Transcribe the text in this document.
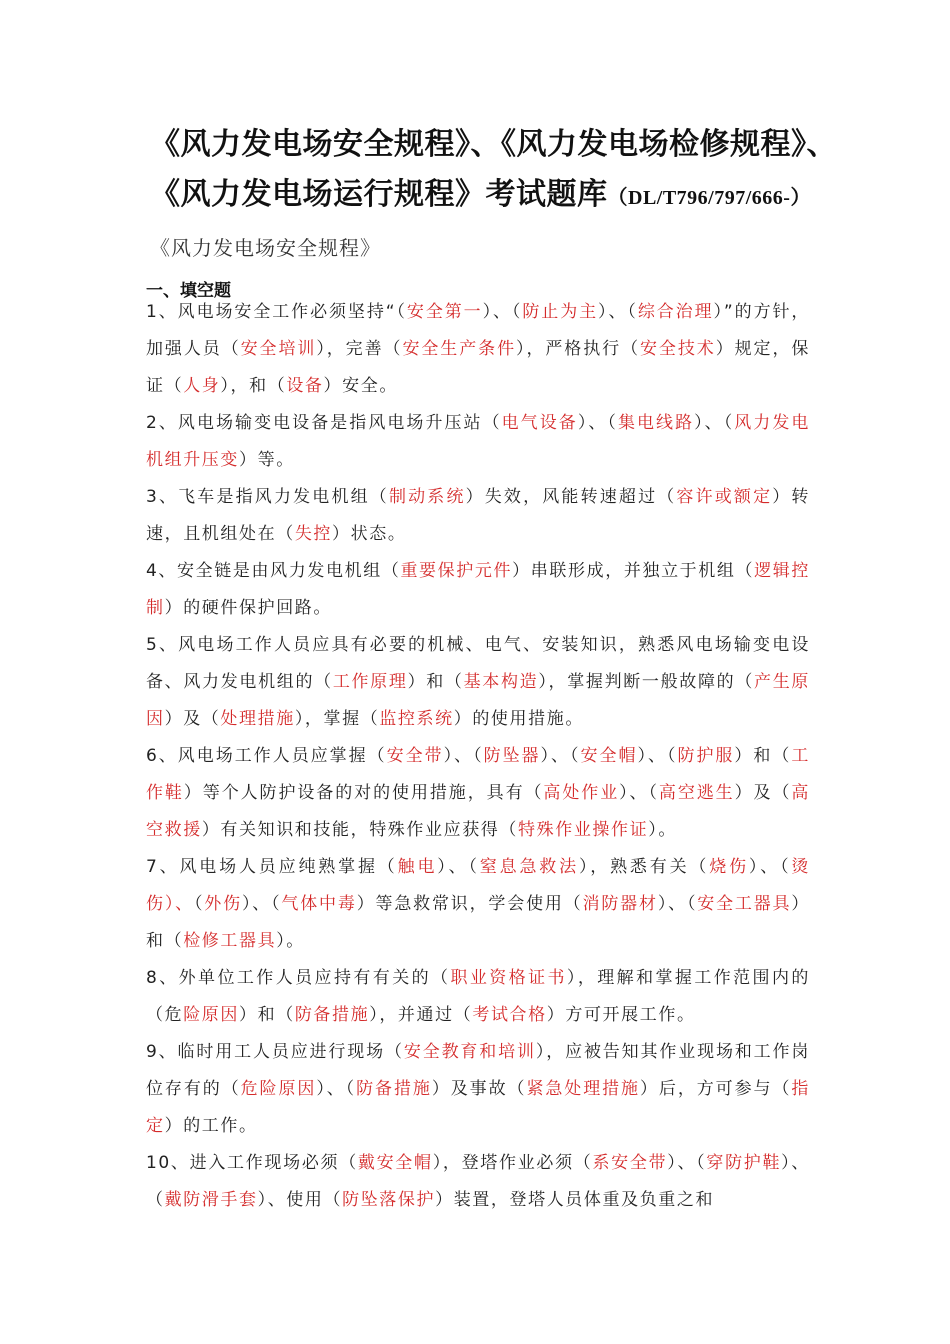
《风力发电场安全规程》、《风力发电场检修规程》、
《风力发电场运行规程》考试题库（DL/T796/797/666-）
《风力发电场安全规程》
一、填空题

1、风电场安全工作必须坚持“（安全第一）、（防止为主）、（综合治理）”的方针，加强人员（安全培训），完善（安全生产条件），严格执行（安全技术）规定，保证（人身），和（设备）安全。

2、风电场输变电设备是指风电场升压站（电气设备）、（集电线路）、（风力发电机组升压变）等。

3、飞车是指风力发电机组（制动系统）失效，风能转速超过（容许或额定）转速，且机组处在（失控）状态。

4、安全链是由风力发电机组（重要保护元件）串联形成，并独立于机组（逻辑控制）的硬件保护回路。

5、风电场工作人员应具有必要的机械、电气、安装知识，熟悉风电场输变电设备、风力发电机组的（工作原理）和（基本构造），掌握判断一般故障的（产生原因）及（处理措施），掌握（监控系统）的使用措施。

6、风电场工作人员应掌握（安全带）、（防坠器）、（安全帽）、（防护服）和（工作鞋）等个人防护设备的对的使用措施，具有（高处作业）、（高空逃生）及（高空救援）有关知识和技能，特殊作业应获得（特殊作业操作证）。

7、风电场人员应纯熟掌握（触电）、（窒息急救法），熟悉有关（烧伤）、（烫伤）、（外伤）、（气体中毒）等急救常识，学会使用（消防器材）、（安全工器具）和（检修工器具）。

8、外单位工作人员应持有有关的（职业资格证书），理解和掌握工作范围内的（危险原因）和（防备措施），并通过（考试合格）方可开展工作。

9、临时用工人员应进行现场（安全教育和培训），应被告知其作业现场和工作岗位存有的（危险原因）、（防备措施）及事故（紧急处理措施）后，方可参与（指定）的工作。

10、进入工作现场必须（戴安全帽），登塔作业必须（系安全带）、（穿防护鞋）、（戴防滑手套）、使用（防坠落保护）装置，登塔人员体重及负重之和
